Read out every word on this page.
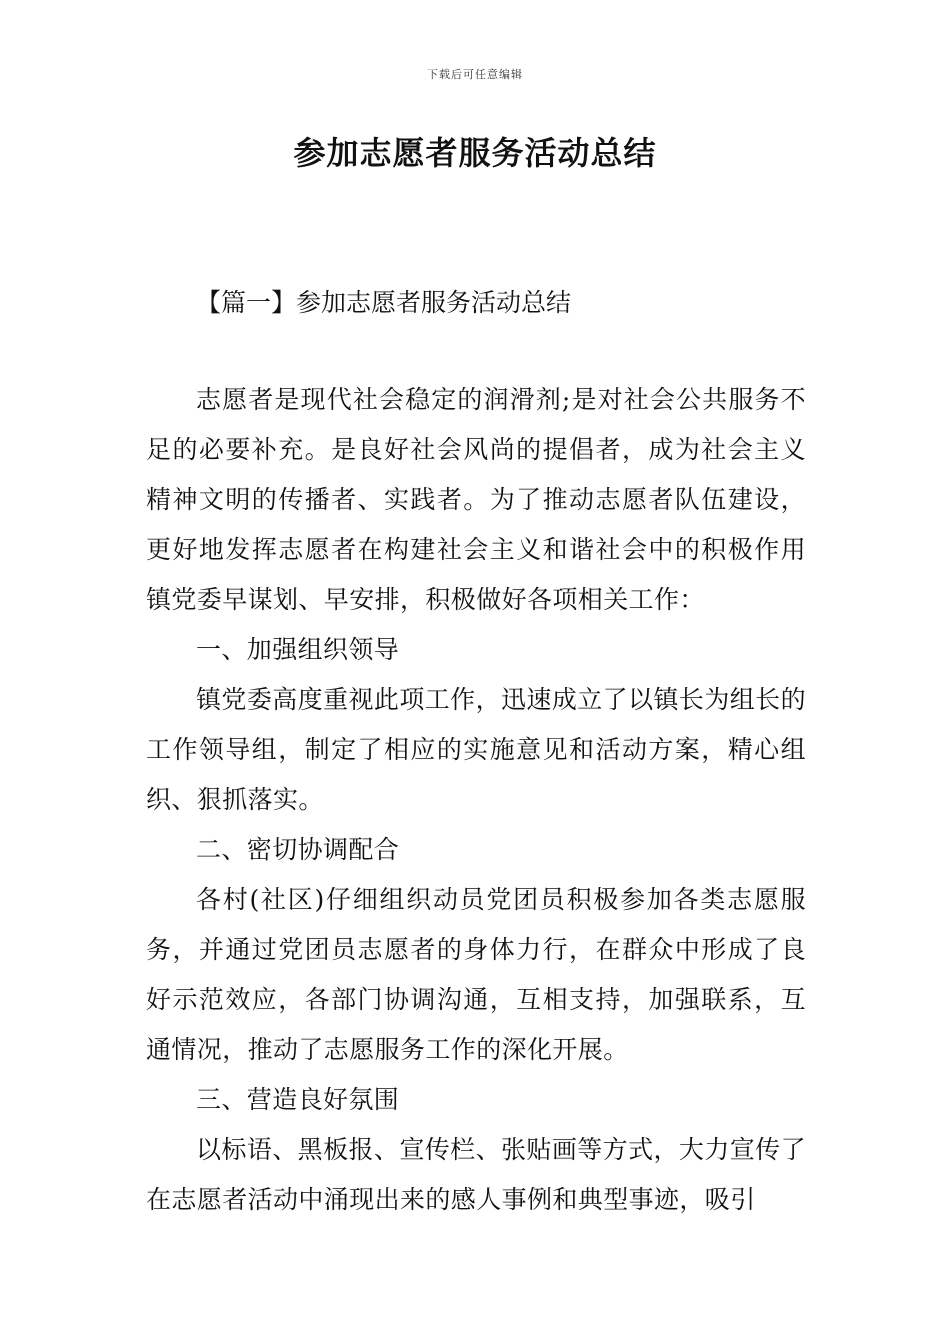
下载后可任意编辑
参加志愿者服务活动总结
【篇一】参加志愿者服务活动总结

志愿者是现代社会稳定的润滑剂;是对社会公共服务不足的必要补充。是良好社会风尚的提倡者，成为社会主义精神文明的传播者、实践者。为了推动志愿者队伍建设，更好地发挥志愿者在构建社会主义和谐社会中的积极作用镇党委早谋划、早安排，积极做好各项相关工作：

一、加强组织领导

镇党委高度重视此项工作，迅速成立了以镇长为组长的工作领导组，制定了相应的实施意见和活动方案，精心组织、狠抓落实。

二、密切协调配合

各村(社区)仔细组织动员党团员积极参加各类志愿服务，并通过党团员志愿者的身体力行，在群众中形成了良好示范效应，各部门协调沟通，互相支持，加强联系，互通情况，推动了志愿服务工作的深化开展。

三、营造良好氛围

以标语、黑板报、宣传栏、张贴画等方式，大力宣传了在志愿者活动中涌现出来的感人事例和典型事迹，吸引
